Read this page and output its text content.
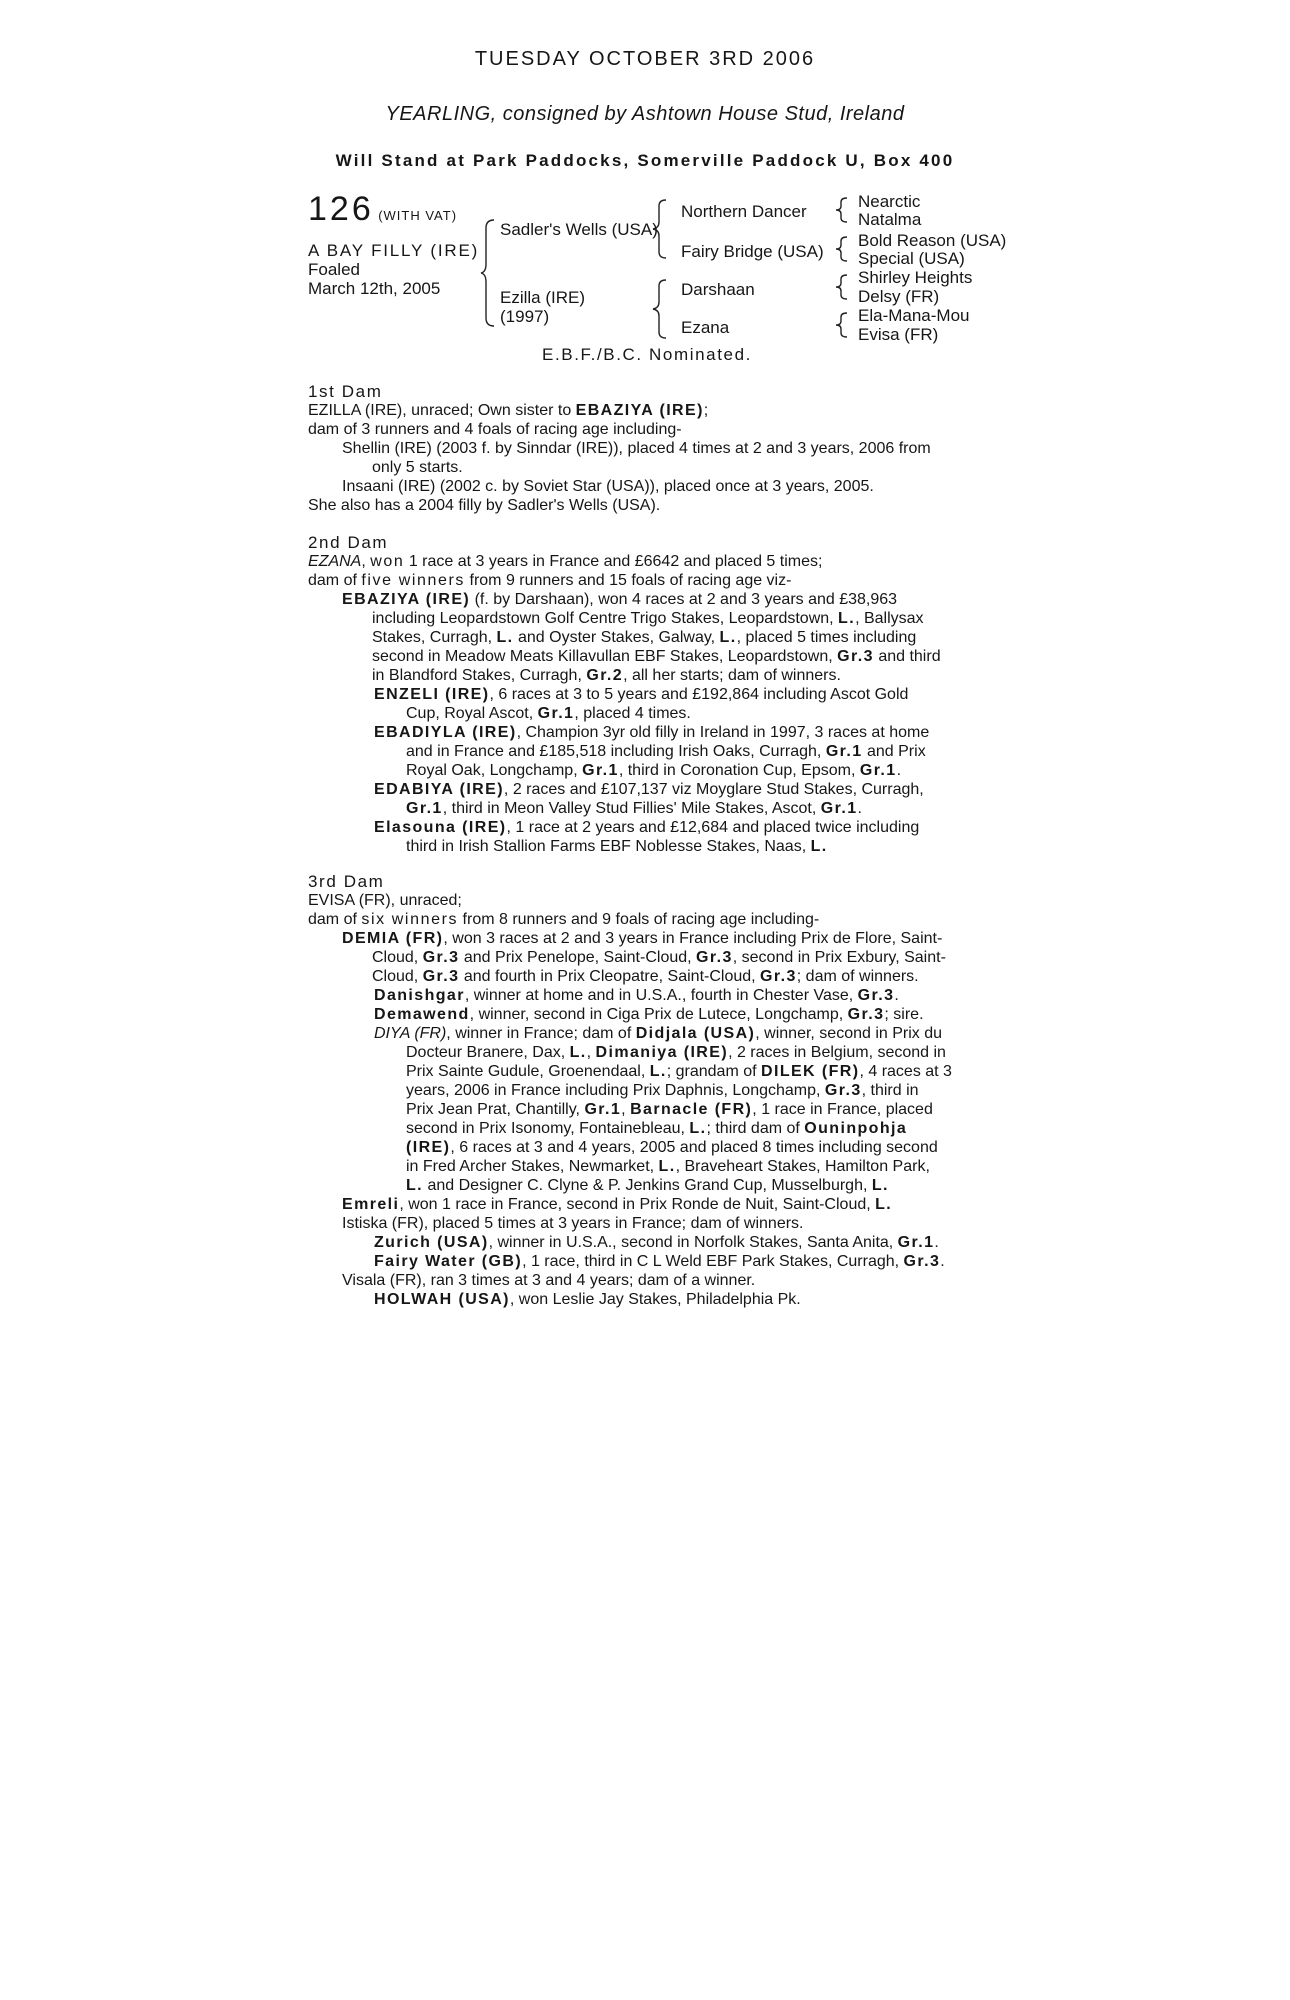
TUESDAY OCTOBER 3RD 2006
YEARLING, consigned by Ashtown House Stud, Ireland
Will Stand at Park Paddocks, Somerville Paddock U, Box 400
126 (WITH VAT)
A BAY FILLY (IRE)
Foaled
March 12th, 2005
Sadler's Wells (USA)
Ezilla (IRE)
(1997)
Northern Dancer
Fairy Bridge (USA)
Darshaan
Ezana
Nearctic
Natalma
Bold Reason (USA)
Special (USA)
Shirley Heights
Delsy (FR)
Ela-Mana-Mou
Evisa (FR)
E.B.F./B.C. Nominated.
1st Dam
EZILLA (IRE), unraced; Own sister to EBAZIYA (IRE);
dam of 3 runners and 4 foals of racing age including-
Shellin (IRE) (2003 f. by Sinndar (IRE)), placed 4 times at 2 and 3 years, 2006 from
only 5 starts.
Insaani (IRE) (2002 c. by Soviet Star (USA)), placed once at 3 years, 2005.
She also has a 2004 filly by Sadler's Wells (USA).
2nd Dam
EZANA, won 1 race at 3 years in France and £6642 and placed 5 times;
dam of five winners from 9 runners and 15 foals of racing age viz-
EBAZIYA (IRE) (f. by Darshaan), won 4 races at 2 and 3 years and £38,963
including Leopardstown Golf Centre Trigo Stakes, Leopardstown, L., Ballysax
Stakes, Curragh, L. and Oyster Stakes, Galway, L., placed 5 times including
second in Meadow Meats Killavullan EBF Stakes, Leopardstown, Gr.3 and third
in Blandford Stakes, Curragh, Gr.2, all her starts; dam of winners.
ENZELI (IRE), 6 races at 3 to 5 years and £192,864 including Ascot Gold
Cup, Royal Ascot, Gr.1, placed 4 times.
EBADIYLA (IRE), Champion 3yr old filly in Ireland in 1997, 3 races at home
and in France and £185,518 including Irish Oaks, Curragh, Gr.1 and Prix
Royal Oak, Longchamp, Gr.1, third in Coronation Cup, Epsom, Gr.1.
EDABIYA (IRE), 2 races and £107,137 viz Moyglare Stud Stakes, Curragh,
Gr.1, third in Meon Valley Stud Fillies' Mile Stakes, Ascot, Gr.1.
Elasouna (IRE), 1 race at 2 years and £12,684 and placed twice including
third in Irish Stallion Farms EBF Noblesse Stakes, Naas, L.
3rd Dam
EVISA (FR), unraced;
dam of six winners from 8 runners and 9 foals of racing age including-
DEMIA (FR), won 3 races at 2 and 3 years in France including Prix de Flore, Saint-
Cloud, Gr.3 and Prix Penelope, Saint-Cloud, Gr.3, second in Prix Exbury, Saint-
Cloud, Gr.3 and fourth in Prix Cleopatre, Saint-Cloud, Gr.3; dam of winners.
Danishgar, winner at home and in U.S.A., fourth in Chester Vase, Gr.3.
Demawend, winner, second in Ciga Prix de Lutece, Longchamp, Gr.3; sire.
DIYA (FR), winner in France; dam of Didjala (USA), winner, second in Prix du
Docteur Branere, Dax, L., Dimaniya (IRE), 2 races in Belgium, second in
Prix Sainte Gudule, Groenendaal, L.; grandam of DILEK (FR), 4 races at 3
years, 2006 in France including Prix Daphnis, Longchamp, Gr.3, third in
Prix Jean Prat, Chantilly, Gr.1, Barnacle (FR), 1 race in France, placed
second in Prix Isonomy, Fontainebleau, L.; third dam of Ouninpohja
(IRE), 6 races at 3 and 4 years, 2005 and placed 8 times including second
in Fred Archer Stakes, Newmarket, L., Braveheart Stakes, Hamilton Park,
L. and Designer C. Clyne & P. Jenkins Grand Cup, Musselburgh, L.
Emreli, won 1 race in France, second in Prix Ronde de Nuit, Saint-Cloud, L.
Istiska (FR), placed 5 times at 3 years in France; dam of winners.
Zurich (USA), winner in U.S.A., second in Norfolk Stakes, Santa Anita, Gr.1.
Fairy Water (GB), 1 race, third in C L Weld EBF Park Stakes, Curragh, Gr.3.
Visala (FR), ran 3 times at 3 and 4 years; dam of a winner.
HOLWAH (USA), won Leslie Jay Stakes, Philadelphia Pk.
